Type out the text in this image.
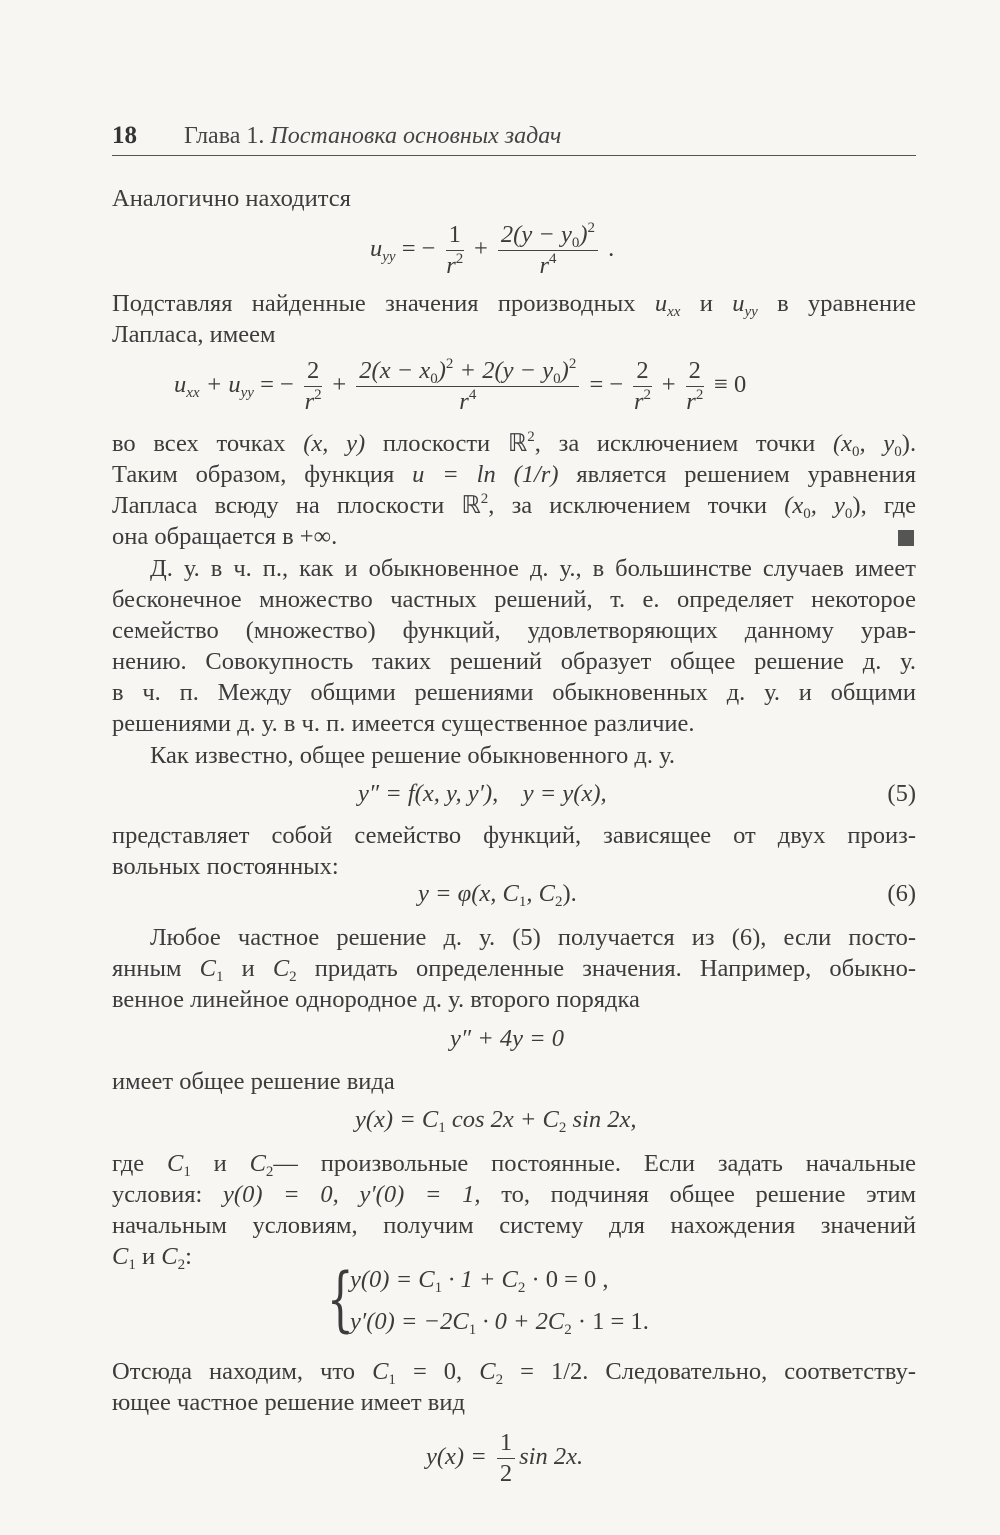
18 Глава 1. Постановка основных задач
Аналогично находится
$u_{yy}$ = − $\frac{1}{r^2} + \frac{2(y - y_0)^2}{r^4}$ .
Подставляя найденные значения производных $u_{xx}$ и $u_{yy}$ в уравнение
Лапласа, имеем
$u_{xx} + u_{yy}$ = − $\frac{2}{r^2} + \frac{2(x - x_0)^2 + 2(y - y_0)^2}{r^4}$ = − $\frac{2}{r^2} + \frac{2}{r^2} \equiv 0$
во всех точках (x, y) плоскости ℝ$^2$, за исключением точки ($x_0$, $y_0$).
Таким образом, функция u = ln (1/r) является решением уравнения
Лапласа всюду на плоскости ℝ$^2$, за исключением точки ($x_0$, $y_0$), где
она обращается в +∞.
Д. у. в ч. п., как и обыкновенное д. у., в большинстве случаев имеет
бесконечное множество частных решений, т. е. определяет некоторое
семейство (множество) функций, удовлетворяющих данному урав-
нению. Совокупность таких решений образует общее решение д. у.
в ч. п. Между общими решениями обыкновенных д. у. и общими
решениями д. у. в ч. п. имеется существенное различие.
Как известно, общее решение обыкновенного д. у.
y″ = f(x, y, y′), y = y(x),	(5)
представляет собой семейство функций, зависящее от двух произ-
вольных постоянных:
y = φ(x, $C_1$, $C_2$).	(6)
Любое частное решение д. у. (5) получается из (6), если посто-
янным $C_1$ и $C_2$ придать определенные значения. Например, обыкно-
венное линейное однородное д. у. второго порядка
y″ + 4y = 0
имеет общее решение вида
$y(x) = C_1$ $\cos 2x + C_2$ sin 2x,
где $C_1$ и $C_2—$ произвольные постоянные. Если задать начальные
условия: y(0) = 0, y′(0) = 1, то, подчиняя общее решение этим
начальным условиям, получим систему для нахождения значений
$C_1$ и $C_2$:
{
$y(0) = C_1 \cdot 1 + C_2 \cdot 0 = 0$ ,
$y'(0) = -2C_1 \cdot 0 + 2C_2 \cdot 1 = 1$.
Отсюда находим, что $C_1 = 0$, $C_2 = 1/2$. Следовательно, соответству-
ющее частное решение имеет вид
$y(x) = \frac{1}{2}$ sin 2x.
